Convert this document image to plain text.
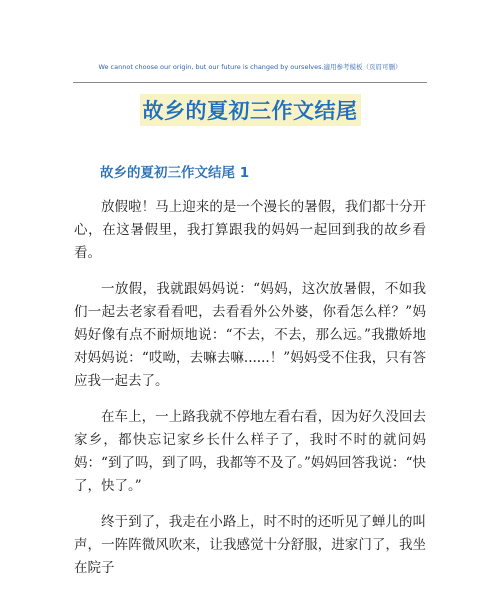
We cannot choose our origin, but our future is changed by ourselves.適用参考模板（页眉可删）
故乡的夏初三作文结尾
故乡的夏初三作文结尾 1

放假啦！马上迎来的是一个漫长的暑假，我们都十分开心，在这暑假里，我打算跟我的妈妈一起回到我的故乡看看。

一放假，我就跟妈妈说：“妈妈，这次放暑假，不如我们一起去老家看看吧，去看看外公外婆，你看怎么样？”妈妈好像有点不耐烦地说：“不去，不去，那么远。”我撒娇地对妈妈说：“哎呦，去嘛去嘛......！”妈妈受不住我，只有答应我一起去了。

在车上，一上路我就不停地左看右看，因为好久没回去家乡，都快忘记家乡长什么样子了，我时不时的就问妈妈：“到了吗，到了吗，我都等不及了。”妈妈回答我说：“快了，快了。”

终于到了，我走在小路上，时不时的还听见了蝉儿的叫声，一阵阵微风吹来，让我感觉十分舒服，进家门了，我坐在院子
